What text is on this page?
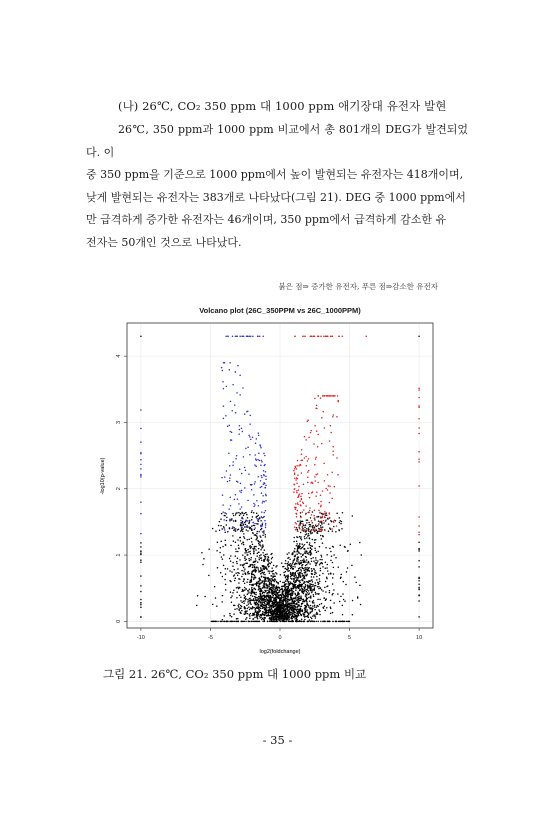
(나) 26℃, CO₂ 350 ppm 대 1000 ppm 애기장대 유전자 발현
26℃, 350 ppm과 1000 ppm 비교에서 총 801개의 DEG가 발견되었다. 이
중 350 ppm을 기준으로 1000 ppm에서 높이 발현되는 유전자는 418개이며,
낮게 발현되는 유전자는 383개로 나타났다(그림 21). DEG 중 1000 ppm에서
만 급격하게 증가한 유전자는 46개이며, 350 ppm에서 급격하게 감소한 유
전자는 50개인 것으로 나타났다.
붉은 점⇒ 증가한 유전자, 푸른 점⇒감소한 유전자
Volcano plot (26C_350PPM vs 26C_1000PPM)
-10	-5	0	5	10
0
1
2
3
4
log2(foldchange)
-log10(p-value)
그림 21. 26℃, CO₂ 350 ppm 대 1000 ppm 비교
- 35 -
